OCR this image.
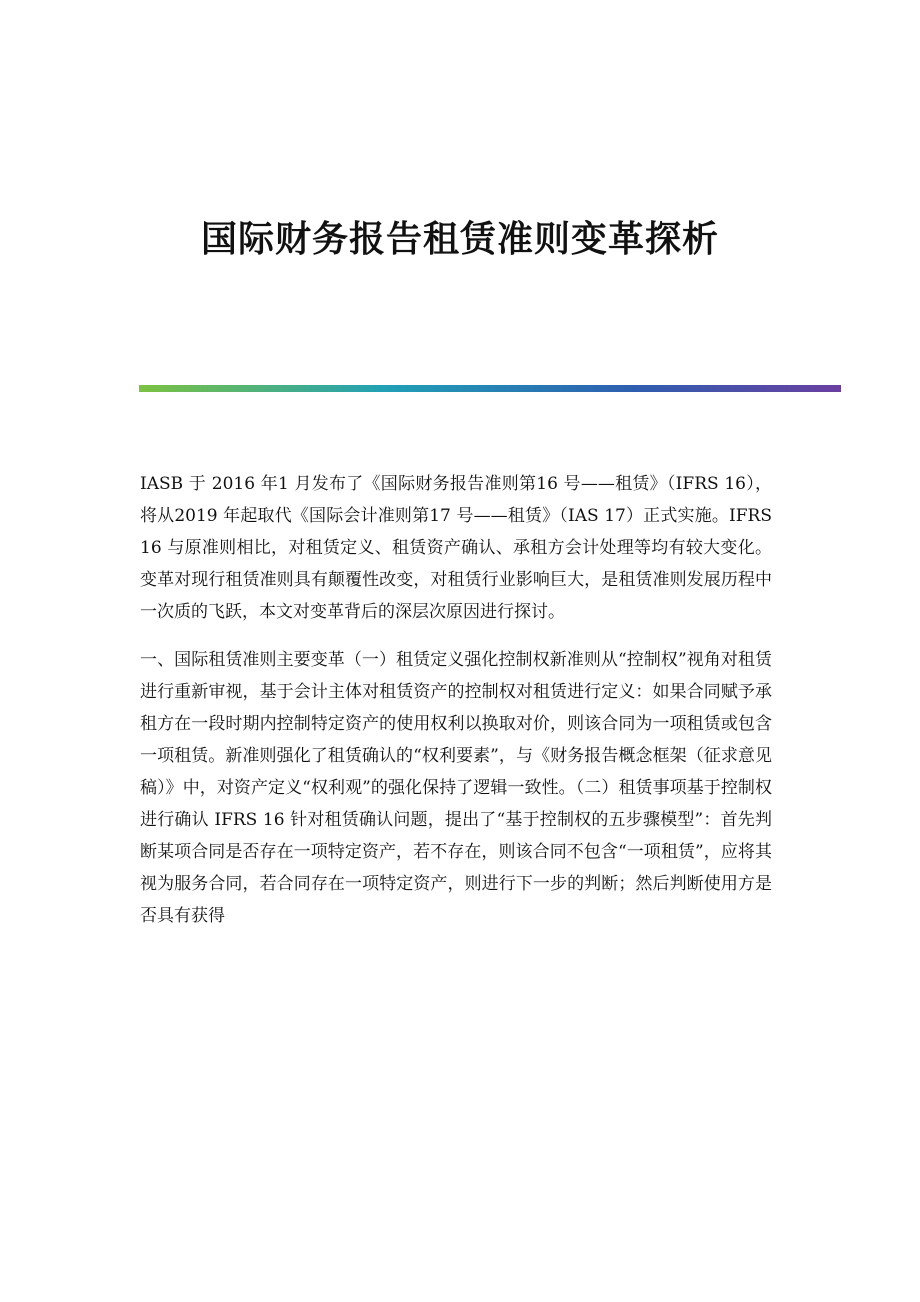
国际财务报告租赁准则变革探析

IASB 于 2016 年1 月发布了《国际财务报告准则第16 号——租赁》（IFRS 16），将从2019 年起取代《国际会计准则第17 号——租赁》（IAS 17）正式实施。IFRS 16 与原准则相比，对租赁定义、租赁资产确认、承租方会计处理等均有较大变化。变革对现行租赁准则具有颠覆性改变，对租赁行业影响巨大，是租赁准则发展历程中一次质的飞跃，本文对变革背后的深层次原因进行探讨。

一、国际租赁准则主要变革（一）租赁定义强化控制权新准则从“控制权”视角对租赁进行重新审视，基于会计主体对租赁资产的控制权对租赁进行定义：如果合同赋予承租方在一段时期内控制特定资产的使用权利以换取对价，则该合同为一项租赁或包含一项租赁。新准则强化了租赁确认的“权利要素”，与《财务报告概念框架（征求意见稿）》中，对资产定义“权利观”的强化保持了逻辑一致性。（二）租赁事项基于控制权进行确认 IFRS 16 针对租赁确认问题，提出了“基于控制权的五步骤模型”：首先判断某项合同是否存在一项特定资产，若不存在，则该合同不包含“一项租赁”，应将其视为服务合同，若合同存在一项特定资产，则进行下一步的判断；然后判断使用方是否具有获得
